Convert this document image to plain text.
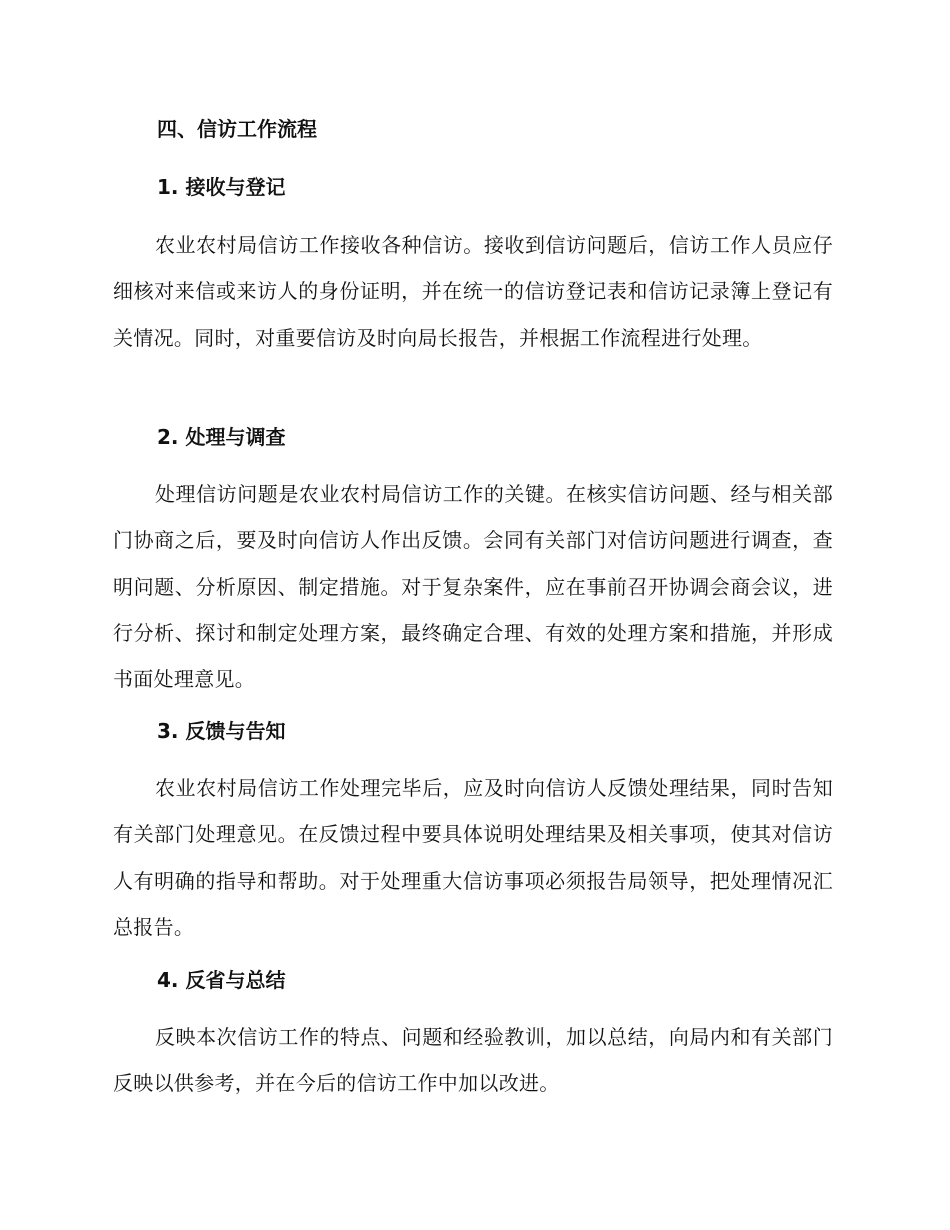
四、信访工作流程
1. 接收与登记
农业农村局信访工作接收各种信访。接收到信访问题后，信访工作人员应仔细核对来信或来访人的身份证明，并在统一的信访登记表和信访记录簿上登记有关情况。同时，对重要信访及时向局长报告，并根据工作流程进行处理。
2. 处理与调查
处理信访问题是农业农村局信访工作的关键。在核实信访问题、经与相关部门协商之后，要及时向信访人作出反馈。会同有关部门对信访问题进行调查，查明问题、分析原因、制定措施。对于复杂案件，应在事前召开协调会商会议，进行分析、探讨和制定处理方案，最终确定合理、有效的处理方案和措施，并形成书面处理意见。
3. 反馈与告知
农业农村局信访工作处理完毕后，应及时向信访人反馈处理结果，同时告知有关部门处理意见。在反馈过程中要具体说明处理结果及相关事项，使其对信访人有明确的指导和帮助。对于处理重大信访事项必须报告局领导，把处理情况汇总报告。
4. 反省与总结
反映本次信访工作的特点、问题和经验教训，加以总结，向局内和有关部门反映以供参考，并在今后的信访工作中加以改进。
